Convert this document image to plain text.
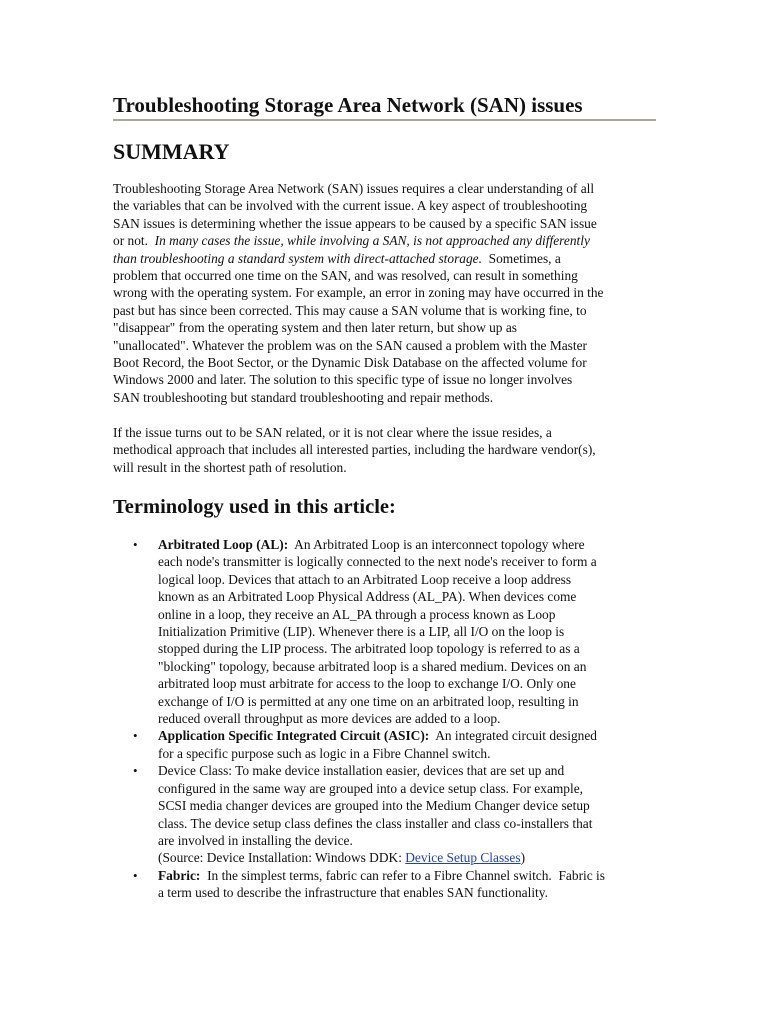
Troubleshooting Storage Area Network (SAN) issues
SUMMARY

Troubleshooting Storage Area Network (SAN) issues requires a clear understanding of all
the variables that can be involved with the current issue. A key aspect of troubleshooting
SAN issues is determining whether the issue appears to be caused by a specific SAN issue
or not.  In many cases the issue, while involving a SAN, is not approached any differently
than troubleshooting a standard system with direct-attached storage.  Sometimes, a
problem that occurred one time on the SAN, and was resolved, can result in something
wrong with the operating system. For example, an error in zoning may have occurred in the
past but has since been corrected. This may cause a SAN volume that is working fine, to
"disappear" from the operating system and then later return, but show up as
"unallocated". Whatever the problem was on the SAN caused a problem with the Master
Boot Record, the Boot Sector, or the Dynamic Disk Database on the affected volume for
Windows 2000 and later. The solution to this specific type of issue no longer involves
SAN troubleshooting but standard troubleshooting and repair methods.

If the issue turns out to be SAN related, or it is not clear where the issue resides, a
methodical approach that includes all interested parties, including the hardware vendor(s),
will result in the shortest path of resolution.

Terminology used in this article:
• Arbitrated Loop (AL):  An Arbitrated Loop is an interconnect topology where
each node's transmitter is logically connected to the next node's receiver to form a
logical loop. Devices that attach to an Arbitrated Loop receive a loop address
known as an Arbitrated Loop Physical Address (AL_PA). When devices come
online in a loop, they receive an AL_PA through a process known as Loop
Initialization Primitive (LIP). Whenever there is a LIP, all I/O on the loop is
stopped during the LIP process. The arbitrated loop topology is referred to as a
"blocking" topology, because arbitrated loop is a shared medium. Devices on an
arbitrated loop must arbitrate for access to the loop to exchange I/O. Only one
exchange of I/O is permitted at any one time on an arbitrated loop, resulting in
reduced overall throughput as more devices are added to a loop.
• Application Specific Integrated Circuit (ASIC):  An integrated circuit designed
for a specific purpose such as logic in a Fibre Channel switch.
• Device Class: To make device installation easier, devices that are set up and
configured in the same way are grouped into a device setup class. For example,
SCSI media changer devices are grouped into the Medium Changer device setup
class. The device setup class defines the class installer and class co-installers that
are involved in installing the device.
(Source: Device Installation: Windows DDK: Device Setup Classes)
• Fabric:  In the simplest terms, fabric can refer to a Fibre Channel switch.  Fabric is
a term used to describe the infrastructure that enables SAN functionality.
